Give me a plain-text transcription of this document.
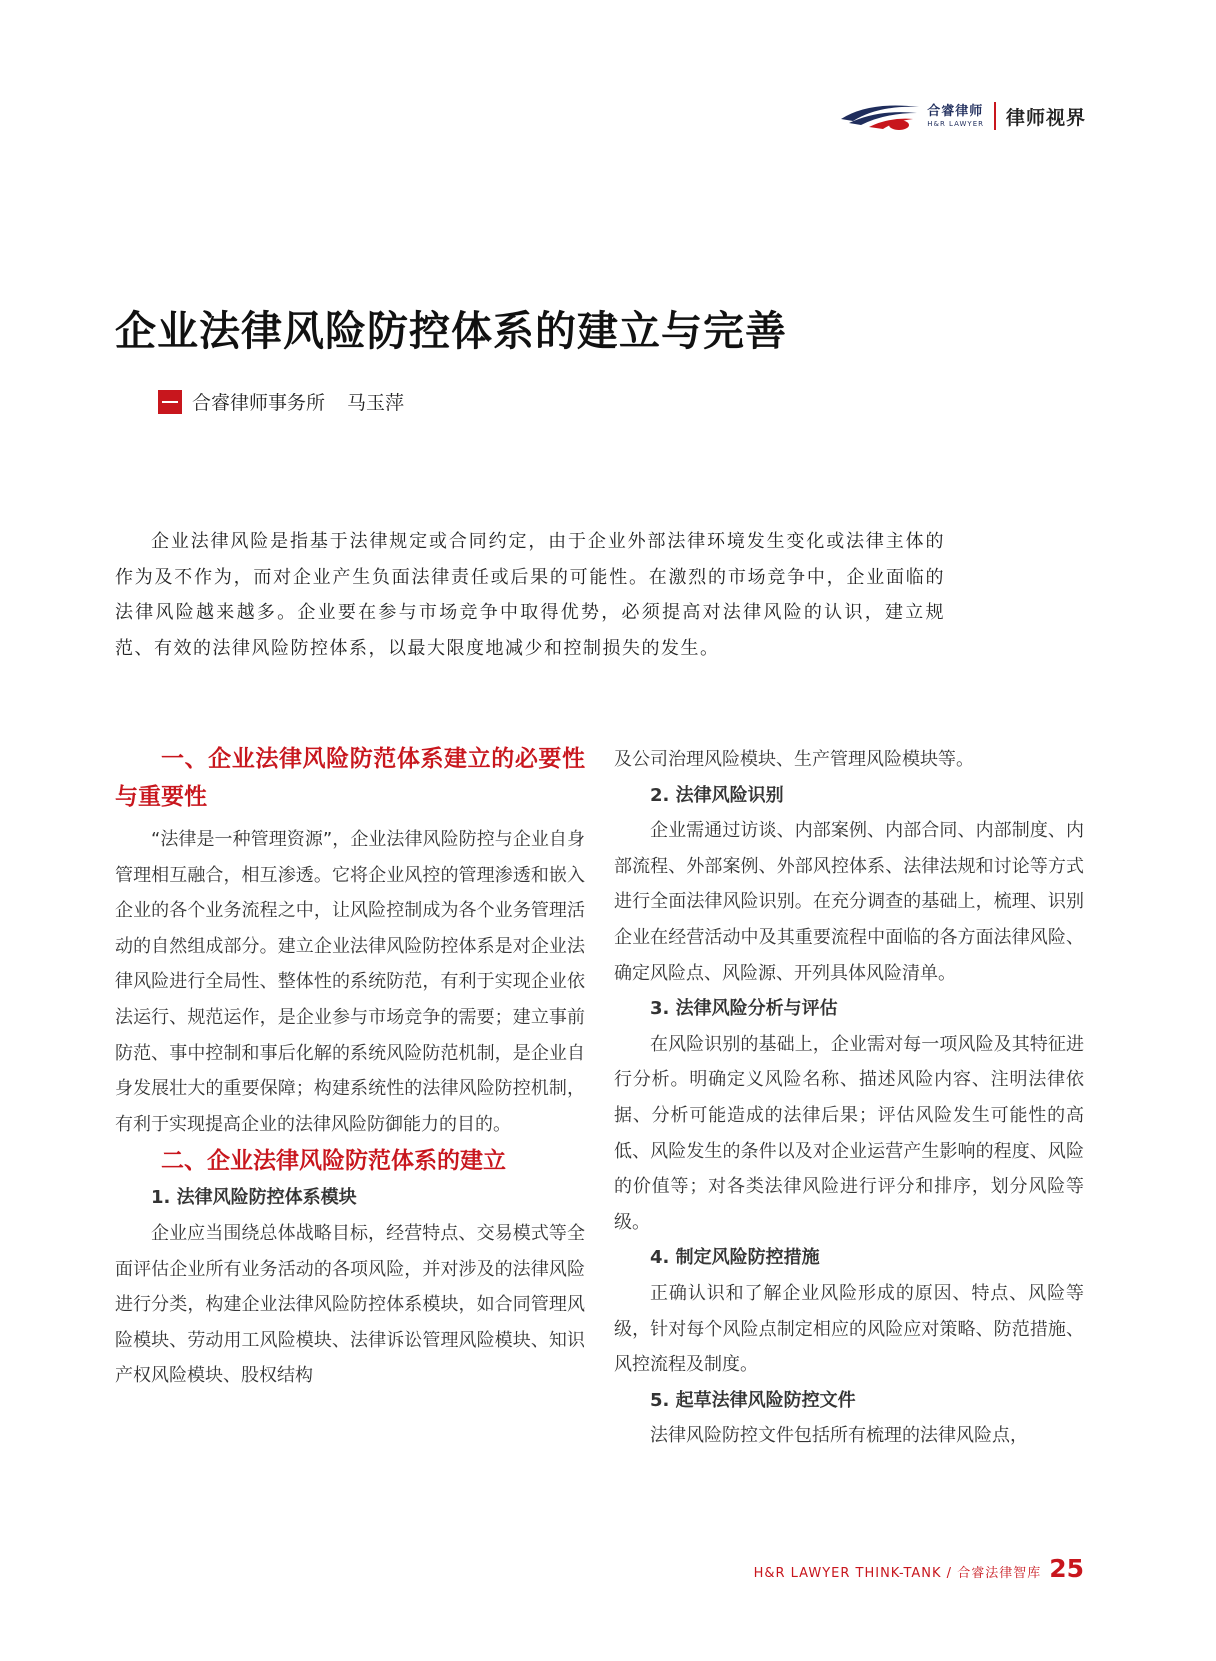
合睿律师
H&R LAWYER 律师视界
企业法律风险防控体系的建立与完善
合睿律师事务所 马玉萍

企业法律风险是指基于法律规定或合同约定，由于企业外部法律环境发生变化或法律主体的作为及不作为，而对企业产生负面法律责任或后果的可能性。在激烈的市场竞争中，企业面临的法律风险越来越多。企业要在参与市场竞争中取得优势，必须提高对法律风险的认识，建立规范、有效的法律风险防控体系，以最大限度地减少和控制损失的发生。

一、企业法律风险防范体系建立的必要性与重要性

“法律是一种管理资源”，企业法律风险防控与企业自身管理相互融合，相互渗透。它将企业风控的管理渗透和嵌入企业的各个业务流程之中，让风险控制成为各个业务管理活动的自然组成部分。建立企业法律风险防控体系是对企业法律风险进行全局性、整体性的系统防范，有利于实现企业依法运行、规范运作，是企业参与市场竞争的需要；建立事前防范、事中控制和事后化解的系统风险防范机制，是企业自身发展壮大的重要保障；构建系统性的法律风险防控机制，有利于实现提高企业的法律风险防御能力的目的。

二、企业法律风险防范体系的建立

1. 法律风险防控体系模块

企业应当围绕总体战略目标，经营特点、交易模式等全面评估企业所有业务活动的各项风险，并对涉及的法律风险进行分类，构建企业法律风险防控体系模块，如合同管理风险模块、劳动用工风险模块、法律诉讼管理风险模块、知识产权风险模块、股权结构

及公司治理风险模块、生产管理风险模块等。

2. 法律风险识别

企业需通过访谈、内部案例、内部合同、内部制度、内部流程、外部案例、外部风控体系、法律法规和讨论等方式进行全面法律风险识别。在充分调查的基础上，梳理、识别企业在经营活动中及其重要流程中面临的各方面法律风险、确定风险点、风险源、开列具体风险清单。

3. 法律风险分析与评估

在风险识别的基础上，企业需对每一项风险及其特征进行分析。明确定义风险名称、描述风险内容、注明法律依据、分析可能造成的法律后果；评估风险发生可能性的高低、风险发生的条件以及对企业运营产生影响的程度、风险的价值等；对各类法律风险进行评分和排序，划分风险等级。

4. 制定风险防控措施

正确认识和了解企业风险形成的原因、特点、风险等级，针对每个风险点制定相应的风险应对策略、防范措施、风控流程及制度。

5. 起草法律风险防控文件

法律风险防控文件包括所有梳理的法律风险点，

H&R LAWYER THINK-TANK / 合睿法律智库 25
